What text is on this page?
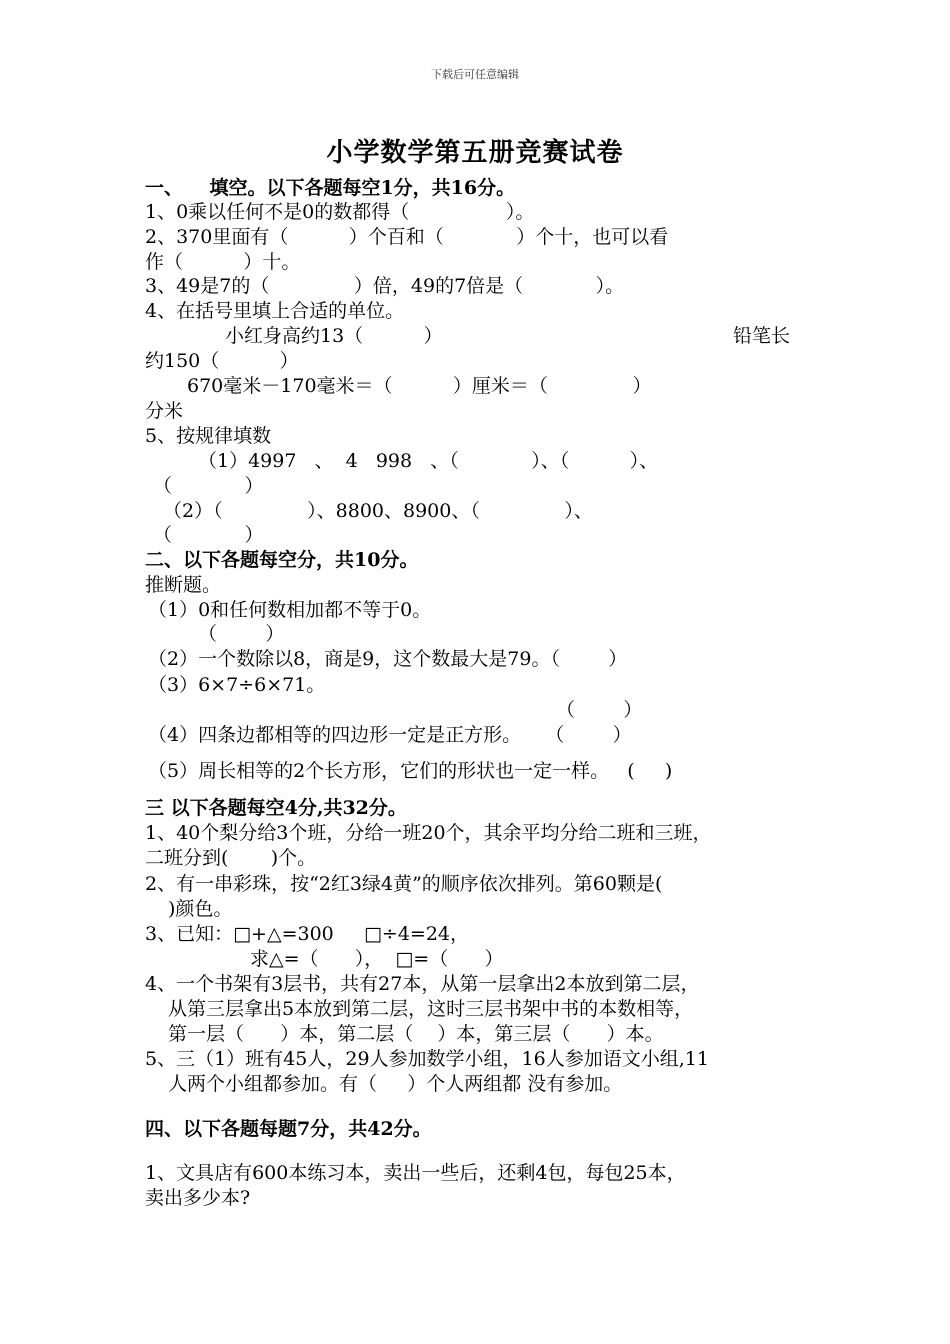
下载后可任意编辑
小学数学第五册竞赛试卷
一、    填空。以下各题每空1分，共16分。
1、0乘以任何不是0的数都得（                ）。
2、370里面有（          ）个百和（            ）个十，也可以看
作（          ）十。
3、49是7的（              ）倍，49的7倍是（            ）。
4、在括号里填上合适的单位。
小红身高约13（          ）	铅笔长
约150（          ）
670毫米－170毫米＝（          ）厘米＝（              ）
分米
5、按规律填数
（1）4997   、  4   998   、（            ）、（          ）、
（            ）
（2）（              ）、8800、8900、（              ）、
（            ）
二、以下各题每空分，共10分。
推断题。
（1）0和任何数相加都不等于0。
（        ）
（2）一个数除以8，商是9，这个数最大是79。（        ）
（3）6×7÷6×71。
（        ）
（4）四条边都相等的四边形一定是正方形。    （        ）
（5）周长相等的2个长方形，它们的形状也一定一样。   (     )
三 以下各题每空4分,共32分。
1、40个梨分给3个班，分给一班20个，其余平均分给二班和三班，
二班分到(       )个。
2、有一串彩珠，按“2红3绿4黄”的顺序依次排列。第60颗是(
)颜色。
3、已知：□+△=300     □÷4=24，
求△=（      ），  □=（      ）
4、一个书架有3层书，共有27本，从第一层拿出2本放到第二层，
从第三层拿出5本放到第二层，这时三层书架中书的本数相等，
第一层（      ）本，第二层（    ）本，第三层（      ）本。
5、三（1）班有45人，29人参加数学小组，16人参加语文小组,11
人两个小组都参加。有（     ）个人两组都 没有参加。
四、以下各题每题7分，共42分。
1、文具店有600本练习本，卖出一些后，还剩4包，每包25本，
卖出多少本?
